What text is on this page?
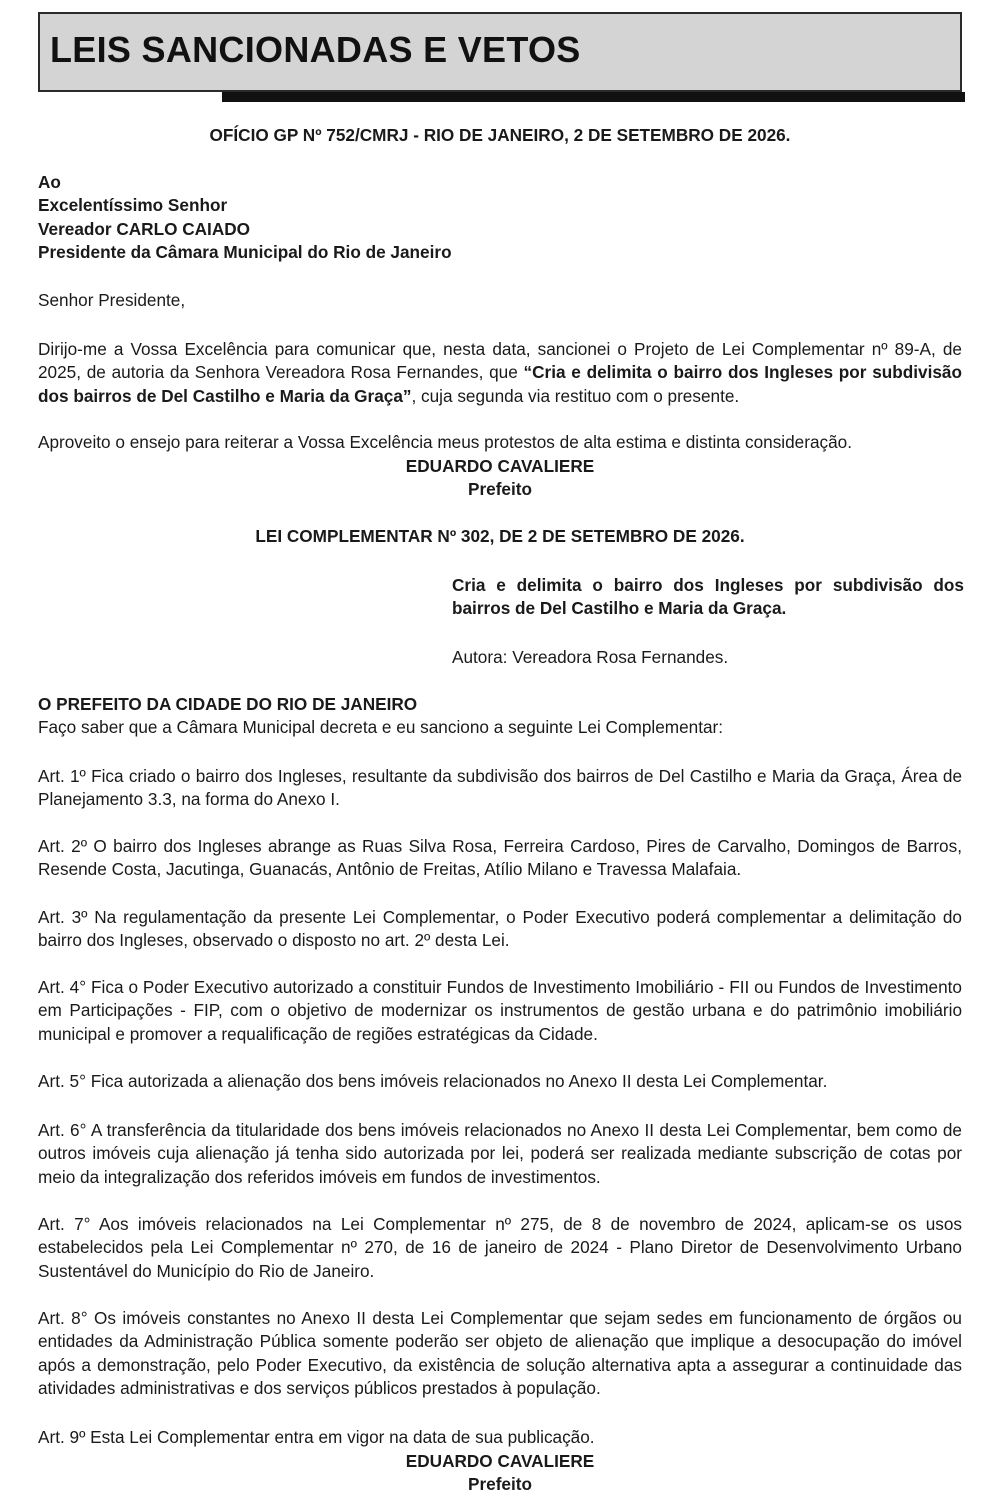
LEIS SANCIONADAS E VETOS

OFÍCIO GP Nº 752/CMRJ - RIO DE JANEIRO, 2 DE SETEMBRO DE 2026.

Ao
Excelentíssimo Senhor
Vereador CARLO CAIADO
Presidente da Câmara Municipal do Rio de Janeiro

Senhor Presidente,

Dirijo-me a Vossa Excelência para comunicar que, nesta data, sancionei o Projeto de Lei Complementar nº 89-A, de 2025, de autoria da Senhora Vereadora Rosa Fernandes, que “Cria e delimita o bairro dos Ingleses por subdivisão dos bairros de Del Castilho e Maria da Graça”, cuja segunda via restituo com o presente.

Aproveito o ensejo para reiterar a Vossa Excelência meus protestos de alta estima e distinta consideração.

EDUARDO CAVALIERE

Prefeito

LEI COMPLEMENTAR Nº 302, DE 2 DE SETEMBRO DE 2026.

Cria e delimita o bairro dos Ingleses por subdivisão dos bairros de Del Castilho e Maria da Graça.

Autora: Vereadora Rosa Fernandes.

O PREFEITO DA CIDADE DO RIO DE JANEIRO

Faço saber que a Câmara Municipal decreta e eu sanciono a seguinte Lei Complementar:

Art. 1º Fica criado o bairro dos Ingleses, resultante da subdivisão dos bairros de Del Castilho e Maria da Graça, Área de Planejamento 3.3, na forma do Anexo I.

Art. 2º O bairro dos Ingleses abrange as Ruas Silva Rosa, Ferreira Cardoso, Pires de Carvalho, Domingos de Barros, Resende Costa, Jacutinga, Guanacás, Antônio de Freitas, Atílio Milano e Travessa Malafaia.

Art. 3º Na regulamentação da presente Lei Complementar, o Poder Executivo poderá complementar a delimitação do bairro dos Ingleses, observado o disposto no art. 2º desta Lei.

Art. 4° Fica o Poder Executivo autorizado a constituir Fundos de Investimento Imobiliário - FII ou Fundos de Investimento em Participações - FIP, com o objetivo de modernizar os instrumentos de gestão urbana e do patrimônio imobiliário municipal e promover a requalificação de regiões estratégicas da Cidade.

Art. 5° Fica autorizada a alienação dos bens imóveis relacionados no Anexo II desta Lei Complementar.

Art. 6° A transferência da titularidade dos bens imóveis relacionados no Anexo II desta Lei Complementar, bem como de outros imóveis cuja alienação já tenha sido autorizada por lei, poderá ser realizada mediante subscrição de cotas por meio da integralização dos referidos imóveis em fundos de investimentos.

Art. 7° Aos imóveis relacionados na Lei Complementar nº 275, de 8 de novembro de 2024, aplicam-se os usos estabelecidos pela Lei Complementar nº 270, de 16 de janeiro de 2024 - Plano Diretor de Desenvolvimento Urbano Sustentável do Município do Rio de Janeiro.

Art. 8° Os imóveis constantes no Anexo II desta Lei Complementar que sejam sedes em funcionamento de órgãos ou entidades da Administração Pública somente poderão ser objeto de alienação que implique a desocupação do imóvel após a demonstração, pelo Poder Executivo, da existência de solução alternativa apta a assegurar a continuidade das atividades administrativas e dos serviços públicos prestados à população.

Art. 9º Esta Lei Complementar entra em vigor na data de sua publicação.

EDUARDO CAVALIERE

Prefeito
